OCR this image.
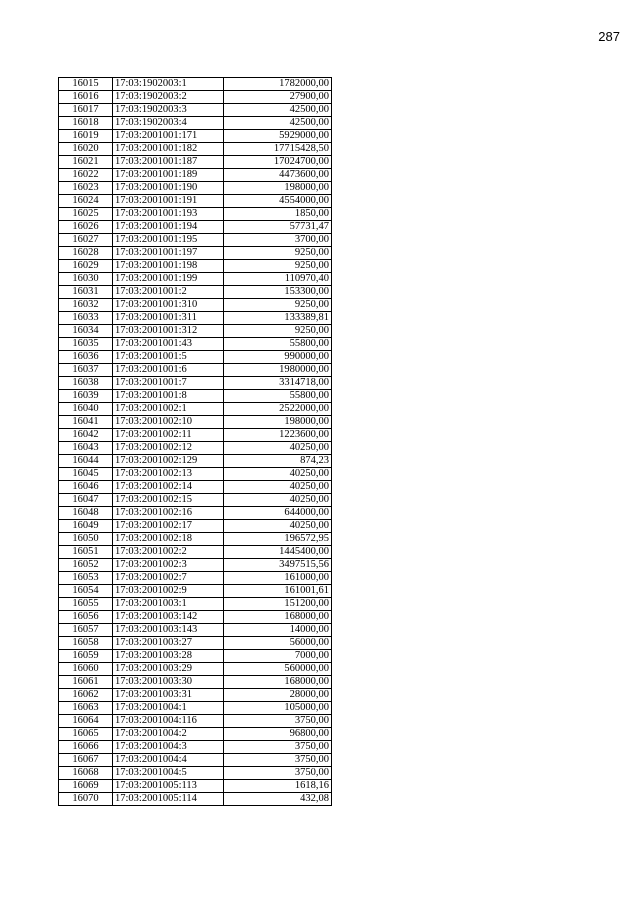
287
16015	17:03:1902003:1	1782000,00
16016	17:03:1902003:2	27900,00
16017	17:03:1902003:3	42500,00
16018	17:03:1902003:4	42500,00
16019	17:03:2001001:171	5929000,00
16020	17:03:2001001:182	17715428,50
16021	17:03:2001001:187	17024700,00
16022	17:03:2001001:189	4473600,00
16023	17:03:2001001:190	198000,00
16024	17:03:2001001:191	4554000,00
16025	17:03:2001001:193	1850,00
16026	17:03:2001001:194	57731,47
16027	17:03:2001001:195	3700,00
16028	17:03:2001001:197	9250,00
16029	17:03:2001001:198	9250,00
16030	17:03:2001001:199	110970,40
16031	17:03:2001001:2	153300,00
16032	17:03:2001001:310	9250,00
16033	17:03:2001001:311	133389,81
16034	17:03:2001001:312	9250,00
16035	17:03:2001001:43	55800,00
16036	17:03:2001001:5	990000,00
16037	17:03:2001001:6	1980000,00
16038	17:03:2001001:7	3314718,00
16039	17:03:2001001:8	55800,00
16040	17:03:2001002:1	2522000,00
16041	17:03:2001002:10	198000,00
16042	17:03:2001002:11	1223600,00
16043	17:03:2001002:12	40250,00
16044	17:03:2001002:129	874,23
16045	17:03:2001002:13	40250,00
16046	17:03:2001002:14	40250,00
16047	17:03:2001002:15	40250,00
16048	17:03:2001002:16	644000,00
16049	17:03:2001002:17	40250,00
16050	17:03:2001002:18	196572,95
16051	17:03:2001002:2	1445400,00
16052	17:03:2001002:3	3497515,56
16053	17:03:2001002:7	161000,00
16054	17:03:2001002:9	161001,61
16055	17:03:2001003:1	151200,00
16056	17:03:2001003:142	168000,00
16057	17:03:2001003:143	14000,00
16058	17:03:2001003:27	56000,00
16059	17:03:2001003:28	7000,00
16060	17:03:2001003:29	560000,00
16061	17:03:2001003:30	168000,00
16062	17:03:2001003:31	28000,00
16063	17:03:2001004:1	105000,00
16064	17:03:2001004:116	3750,00
16065	17:03:2001004:2	96800,00
16066	17:03:2001004:3	3750,00
16067	17:03:2001004:4	3750,00
16068	17:03:2001004:5	3750,00
16069	17:03:2001005:113	1618,16
16070	17:03:2001005:114	432,08
